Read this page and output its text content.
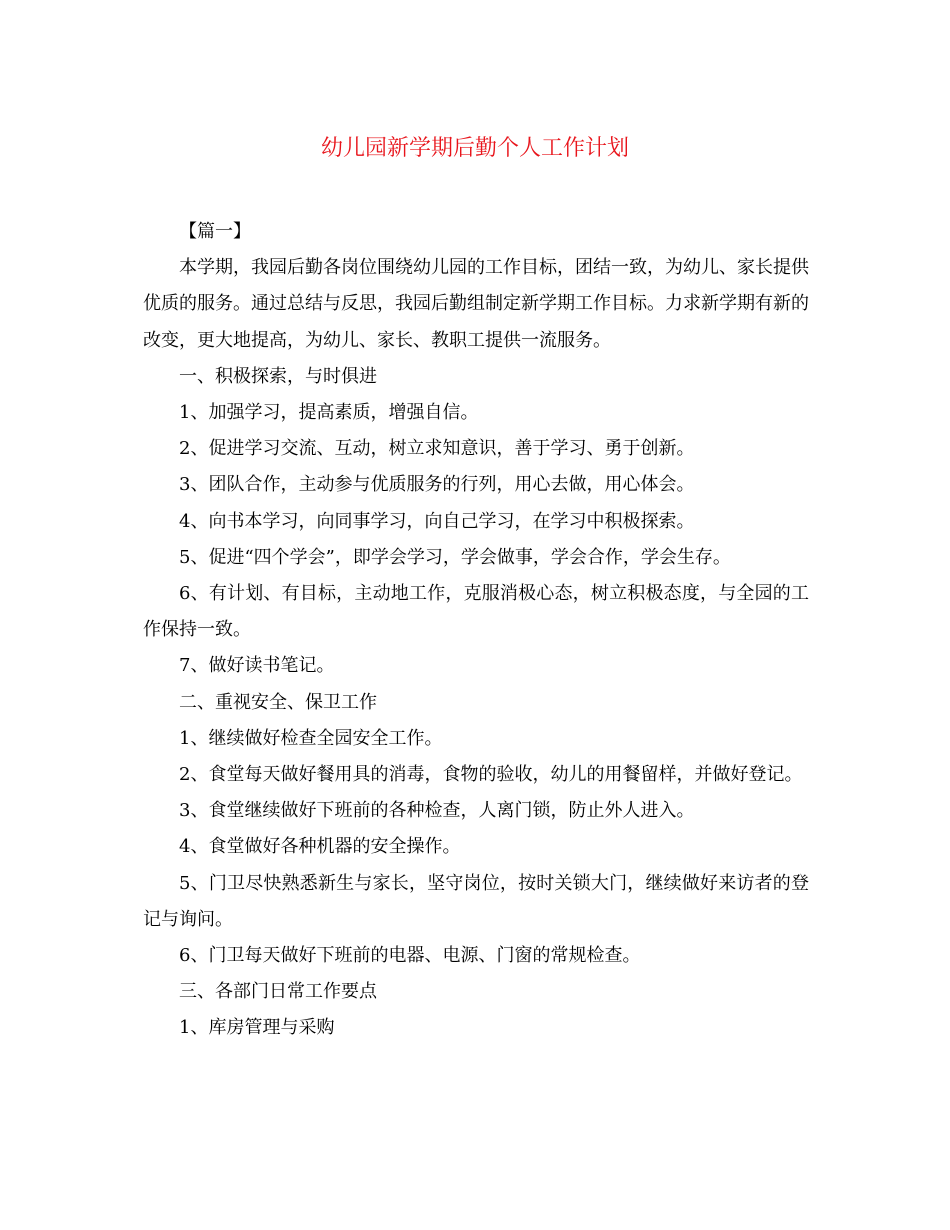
幼儿园新学期后勤个人工作计划

【篇一】

本学期，我园后勤各岗位围绕幼儿园的工作目标，团结一致，为幼儿、家长提供优质的服务。通过总结与反思，我园后勤组制定新学期工作目标。力求新学期有新的改变，更大地提高，为幼儿、家长、教职工提供一流服务。

一、积极探索，与时俱进

1、加强学习，提高素质，增强自信。

2、促进学习交流、互动，树立求知意识，善于学习、勇于创新。

3、团队合作，主动参与优质服务的行列，用心去做，用心体会。

4、向书本学习，向同事学习，向自己学习，在学习中积极探索。

5、促进“四个学会”，即学会学习，学会做事，学会合作，学会生存。

6、有计划、有目标，主动地工作，克服消极心态，树立积极态度，与全园的工作保持一致。

7、做好读书笔记。

二、重视安全、保卫工作

1、继续做好检查全园安全工作。

2、食堂每天做好餐用具的消毒，食物的验收，幼儿的用餐留样，并做好登记。

3、食堂继续做好下班前的各种检查，人离门锁，防止外人进入。

4、食堂做好各种机器的安全操作。

5、门卫尽快熟悉新生与家长，坚守岗位，按时关锁大门，继续做好来访者的登记与询问。

6、门卫每天做好下班前的电器、电源、门窗的常规检查。

三、各部门日常工作要点

1、库房管理与采购
